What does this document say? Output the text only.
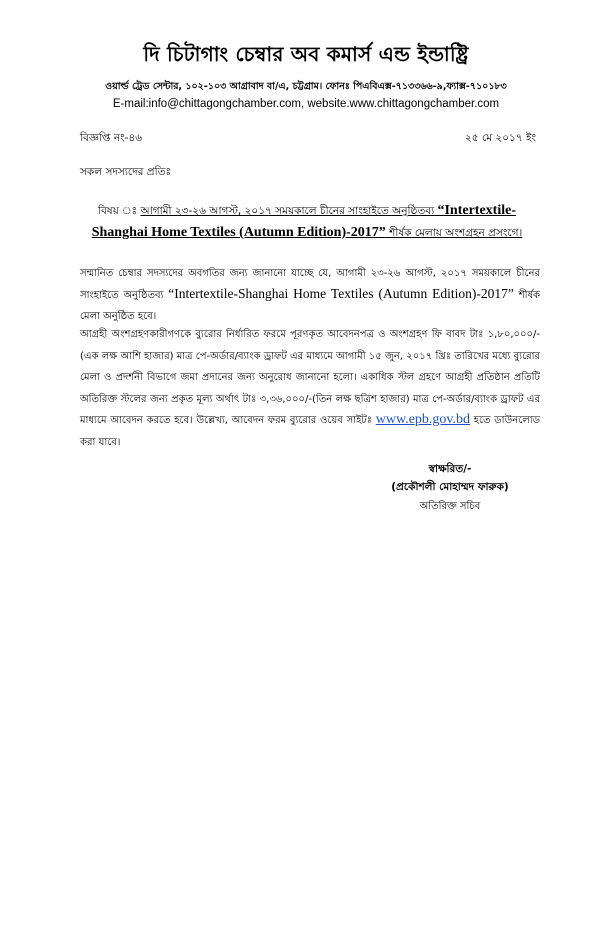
দি চিটাগাং চেম্বার অব কমার্স এন্ড ইন্ডাষ্ট্রি
ওয়ার্ল্ড ট্রেড সেন্টার, ১০২-১০৩ আগ্রাবাদ বা/এ, চট্টগ্রাম। ফোনঃ পিএবিএক্স-৭১৩৩৬৬-৯,ফ্যাক্স-৭১০১৮৩
E-mail:info@chittagongchamber.com, website.www.chittagongchamber.com
বিজ্ঞপ্তি নং-৪৬	২৫ মে ২০১৭ ইং
সকল সদস্যদের প্রতিঃ
বিষয় ঃ আগামী ২৩-২৬ আগস্ট, ২০১৭ সময়কালে চীনের সাংহাইতে অনুষ্ঠিতব্য “Intertextile-Shanghai Home Textiles (Autumn Edition)-2017” শীর্ষক মেলায় অংশগ্রহন প্রসংগে।
সম্মানিত চেম্বার সদস্যদের অবগতির জন্য জানানো যাচ্ছে যে, আগামী ২৩-২৬ আগস্ট, ২০১৭ সময়কালে চীনের সাংহাইতে অনুষ্ঠিতব্য “Intertextile-Shanghai Home Textiles (Autumn Edition)-2017” শীর্ষক মেলা অনুষ্ঠিত হবে।
আগ্রহী অংশগ্রহণকারীগণকে ব্যুরোর নির্ধারিত ফরমে পূরণকৃত আবেদনপত্র ও অংশগ্রহণ ফি বাবদ টাঃ ১,৮০,০০০/-(এক লক্ষ আশি হাজার) মাত্র পে-অর্ডার/ব্যাংক ড্রাফট এর মাধ্যমে আগামী ১৫ জুন, ২০১৭ খ্রিঃ তারিখের মধ্যে ব্যুরোর মেলা ও প্রদর্শনী বিভাগে জমা প্রদানের জন্য অনুরোধ জানানো হলো। একাধিক স্টল গ্রহণে আগ্রহী প্রতিষ্ঠান প্রতিটি অতিরিক্ত স্টলের জন্য প্রকৃত মূল্য অর্থাৎ টাঃ ৩,৩৬,০০০/-(তিন লক্ষ ছত্রিশ হাজার) মাত্র পে-অর্ডার/ব্যাংক ড্রাফট এর মাধ্যমে আবেদন করতে হবে। উল্লেখ্য, আবেদন ফরম ব্যুরোর ওয়েব সাইটঃ www.epb.gov.bd হতে ডাউনলোড করা যাবে।
স্বাক্ষরিত/-
(প্রকৌশলী মোহাম্মদ ফারুক)
অতিরিক্ত সচিব
